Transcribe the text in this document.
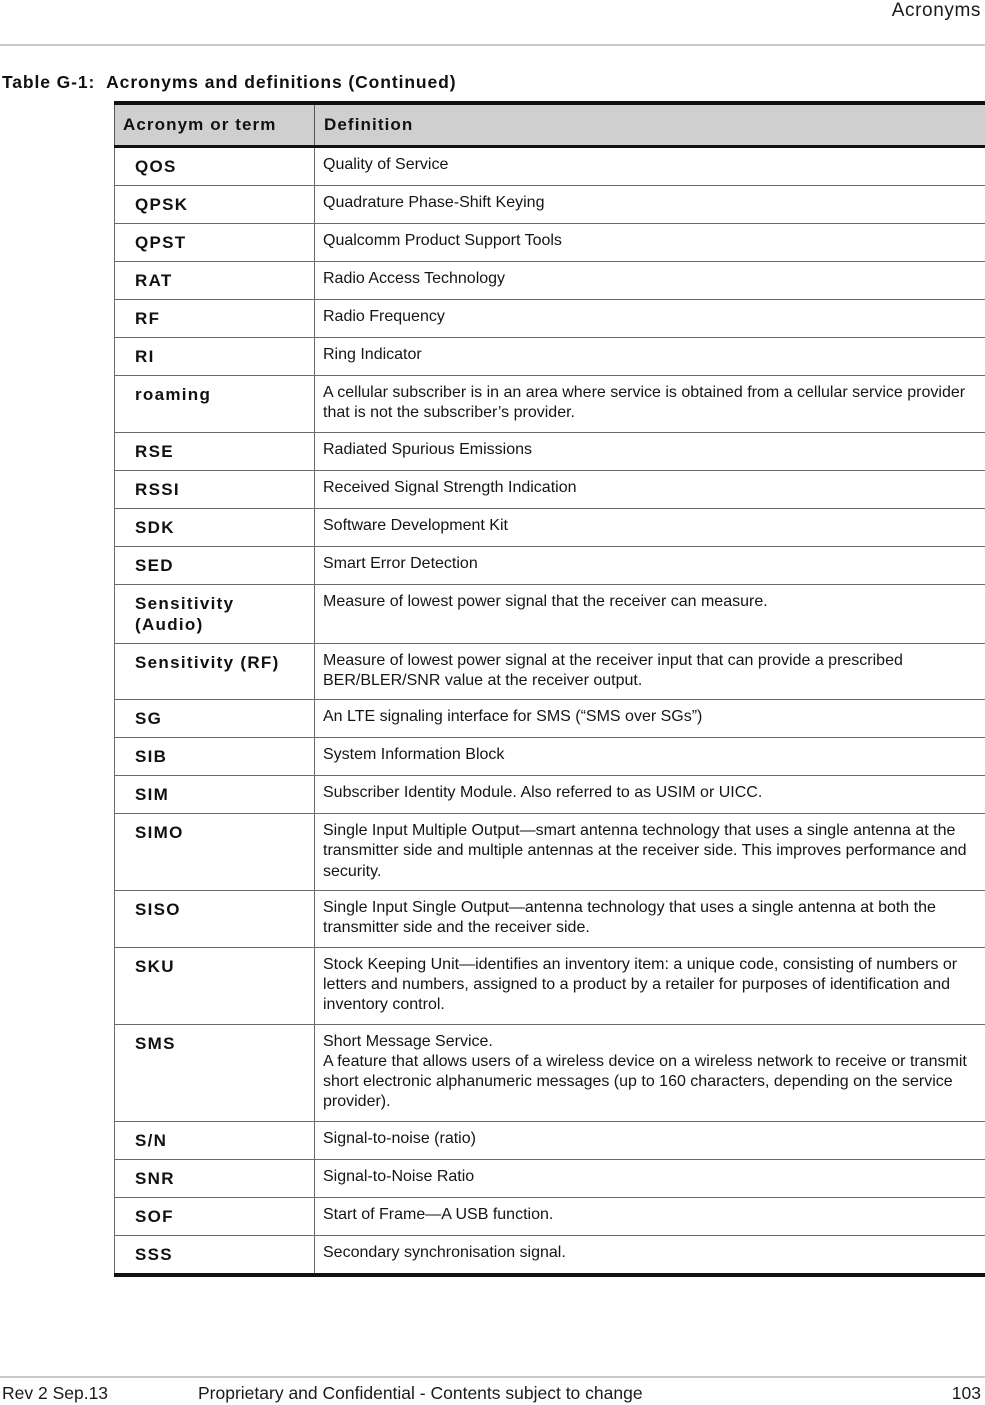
Acronyms
Table G-1:  Acronyms and definitions (Continued)
Acronym or term	Definition
QOS	Quality of Service
QPSK	Quadrature Phase-Shift Keying
QPST	Qualcomm Product Support Tools
RAT	Radio Access Technology
RF	Radio Frequency
RI	Ring Indicator
roaming	A cellular subscriber is in an area where service is obtained from a cellular service provider that is not the subscriber’s provider.
RSE	Radiated Spurious Emissions
RSSI	Received Signal Strength Indication
SDK	Software Development Kit
SED	Smart Error Detection
Sensitivity (Audio)	Measure of lowest power signal that the receiver can measure.
Sensitivity (RF)	Measure of lowest power signal at the receiver input that can provide a prescribed BER/BLER/SNR value at the receiver output.
SG	An LTE signaling interface for SMS (“SMS over SGs”)
SIB	System Information Block
SIM	Subscriber Identity Module. Also referred to as USIM or UICC.
SIMO	Single Input Multiple Output—smart antenna technology that uses a single antenna at the transmitter side and multiple antennas at the receiver side. This improves performance and security.
SISO	Single Input Single Output—antenna technology that uses a single antenna at both the transmitter side and the receiver side.
SKU	Stock Keeping Unit—identifies an inventory item: a unique code, consisting of numbers or letters and numbers, assigned to a product by a retailer for purposes of identification and inventory control.
SMS	Short Message Service.
A feature that allows users of a wireless device on a wireless network to receive or transmit short electronic alphanumeric messages (up to 160 characters, depending on the service provider).
S/N	Signal-to-noise (ratio)
SNR	Signal-to-Noise Ratio
SOF	Start of Frame—A USB function.
SSS	Secondary synchronisation signal.
Rev 2 Sep.13	Proprietary and Confidential - Contents subject to change	103
